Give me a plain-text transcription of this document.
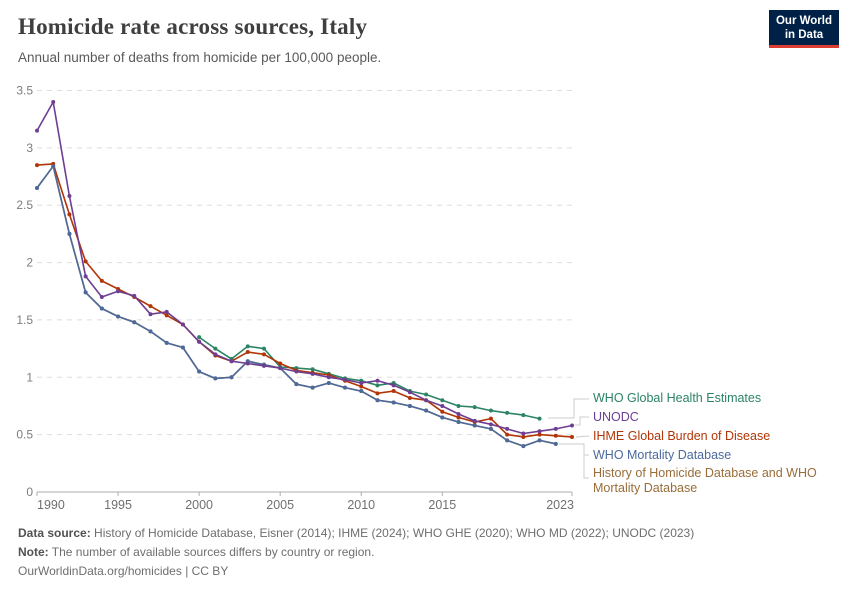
0
0.5
1
1.5
2
2.5
3
3.5
1990	1995	2000	2005	2010	2015	2023
Homicide rate across sources, Italy

Annual number of deaths from homicide per 100,000 people.

Our World
in Data
WHO Global Health Estimates
UNODC
IHME Global Burden of Disease
WHO Mortality Database
History of Homicide Database and WHO Mortality Database

Data source: History of Homicide Database, Eisner (2014); IHME (2024); WHO GHE (2020); WHO MD (2022); UNODC (2023)

Note: The number of available sources differs by country or region.

OurWorldinData.org/homicides | CC BY
